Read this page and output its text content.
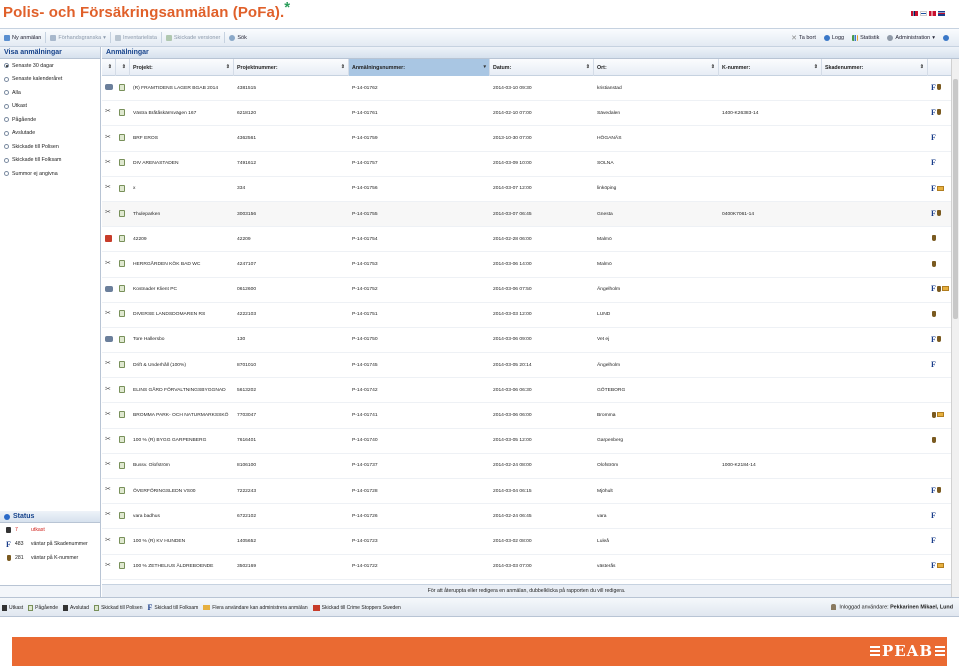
Polis- och Försäkringsanmälan (PoFa).*
Ny anmälan	Förhandsgranska ▾	Inventarielista	Skickade versioner	Sök	✕ Ta bort	Logg	Statistik	Administration ▾
Visa anmälningar
Senaste 30 dagar
Senaste kalenderåret
Alla
Utkast
Pågående
Avslutade
Skickade till Polisen
Skickade till Folksam
Summor ej angivna
Status
7	utkast
F 483	väntar på Skadenummer
281	väntar på K-nummer
Anmälningar
⇕ ⇕	Projekt:	⇕	Projektnummer:	⇕	Anmälningsnummer:	▾	Datum:	⇕	Ort:	⇕	K-nummer:	⇕	Skadenummer:	⇕
(R) FRAMTIDENS LAGER BGAB 2014	4381515	P-14-01762	2014-03-10 09:30	kristianstad	F
✂	Västra Bråtåskärrsvägen 167	6218120	P-14-01761	2014-02-10 07:00	Sävedalen	1400-K26383-14	F
✂	BRF EROS	4362561	P-14-01759	2013-10-30 07:00	HÖGANÄS	F
✂	DIV ARENASTADEN	7491612	P-14-01757	2014-03-09 10:00	SOLNA	F
✂	x	334	P-14-01756	2014-03-07 12:00	linköping	F
✂	Thuleparken	3003156	P-14-01755	2014-03-07 06:45	Gnesta	0400K7061-14	F
42209	42209	P-14-01754	2014-02-28 06:00	Malmö
✂	HERRGÅRDEN KÖK BAD WC	4247107	P-14-01753	2014-03-06 14:00	Malmö
Kostnader Klient PC	0612600	P-14-01752	2014-03-06 07:50	Ängelholm	F
✂	DIVERSE LANDSDOMAREN RS	4222103	P-14-01751	2014-03-03 12:00	LUND
Tore Hallersbo	130	P-14-01750	2014-03-06 09:00	Vet ej	F
✂	Drift & Underhåll (100%)	8701010	P-14-01745	2014-03-05 20:14	Ängelholm	F
✂	ELINS GÅRD FÖRVALTNINGSBYGGNAD	5613202	P-14-01742	2014-03-06 06:30	GÖTEBORG
✂	BROMMA PARK- OCH NATURMARKSSKÖ	7703047	P-14-01741	2014-03-06 06:00	Bromma
✂	100 % (R) BYGG GARPENBERG	7616401	P-14-01740	2014-03-05 12:00	Garpenberg
✂	Bussv. Olofström	8106100	P-14-01737	2014-02-24 08:00	Olofström	1000-K2184-14
✂	ÖVERFÖRINGSLEDN VS00	7222243	P-14-01728	2014-03-04 06:15	Mjöhult	F
✂	vara badhus	6722102	P-14-01726	2014-02-24 06:45	vara	F
✂	100 % (R) KV HUNDEN	1405652	P-14-01723	2014-03-02 08:00	Luleå	F
✂	100 % ZETHELIUS ÄLDREBOENDE	3502169	P-14-01722	2014-03-03 07:00	västerås	F
För att återuppta eller redigera en anmälan, dubbelklicka på rapporten du vill redigera.
Utkast Pågående Avslutad Skickad till Polisen F Skickad till Folksam	Flera användare kan administrera anmälan	Skickad till Crime Stoppers Sweden	Inloggad användare: Pekkarinen Mikael, Lund
PEAB
